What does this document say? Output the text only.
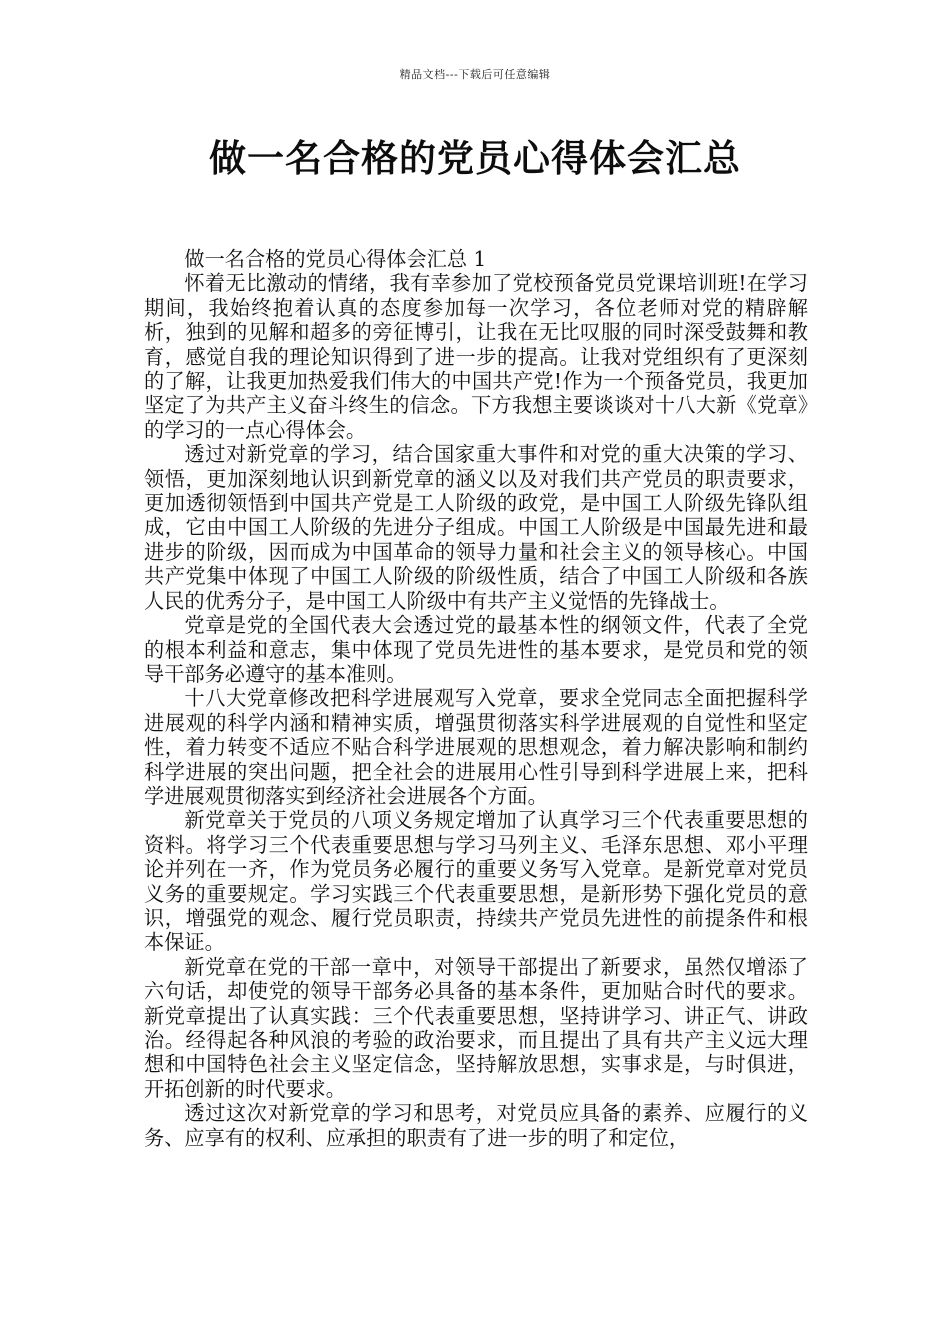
精品文档---下载后可任意编辑
做一名合格的党员心得体会汇总

做一名合格的党员心得体会汇总 1

怀着无比激动的情绪，我有幸参加了党校预备党员党课培训班!在学习期间，我始终抱着认真的态度参加每一次学习，各位老师对党的精辟解析，独到的见解和超多的旁征博引，让我在无比叹服的同时深受鼓舞和教育，感觉自我的理论知识得到了进一步的提高。让我对党组织有了更深刻的了解，让我更加热爱我们伟大的中国共产党!作为一个预备党员，我更加坚定了为共产主义奋斗终生的信念。下方我想主要谈谈对十八大新《党章》的学习的一点心得体会。

透过对新党章的学习，结合国家重大事件和对党的重大决策的学习、领悟，更加深刻地认识到新党章的涵义以及对我们共产党员的职责要求，更加透彻领悟到中国共产党是工人阶级的政党，是中国工人阶级先锋队组成，它由中国工人阶级的先进分子组成。中国工人阶级是中国最先进和最进步的阶级，因而成为中国革命的领导力量和社会主义的领导核心。中国共产党集中体现了中国工人阶级的阶级性质，结合了中国工人阶级和各族人民的优秀分子，是中国工人阶级中有共产主义觉悟的先锋战士。

党章是党的全国代表大会透过党的最基本性的纲领文件，代表了全党的根本利益和意志，集中体现了党员先进性的基本要求，是党员和党的领导干部务必遵守的基本准则。

十八大党章修改把科学进展观写入党章，要求全党同志全面把握科学进展观的科学内涵和精神实质，增强贯彻落实科学进展观的自觉性和坚定性，着力转变不适应不贴合科学进展观的思想观念，着力解决影响和制约科学进展的突出问题，把全社会的进展用心性引导到科学进展上来，把科学进展观贯彻落实到经济社会进展各个方面。

新党章关于党员的八项义务规定增加了认真学习三个代表重要思想的资料。将学习三个代表重要思想与学习马列主义、毛泽东思想、邓小平理论并列在一齐，作为党员务必履行的重要义务写入党章。是新党章对党员义务的重要规定。学习实践三个代表重要思想，是新形势下强化党员的意识，增强党的观念、履行党员职责，持续共产党员先进性的前提条件和根本保证。

新党章在党的干部一章中，对领导干部提出了新要求，虽然仅增添了六句话，却使党的领导干部务必具备的基本条件，更加贴合时代的要求。新党章提出了认真实践：三个代表重要思想，坚持讲学习、讲正气、讲政治。经得起各种风浪的考验的政治要求，而且提出了具有共产主义远大理想和中国特色社会主义坚定信念，坚持解放思想，实事求是，与时俱进，开拓创新的时代要求。

透过这次对新党章的学习和思考，对党员应具备的素养、应履行的义务、应享有的权利、应承担的职责有了进一步的明了和定位，
